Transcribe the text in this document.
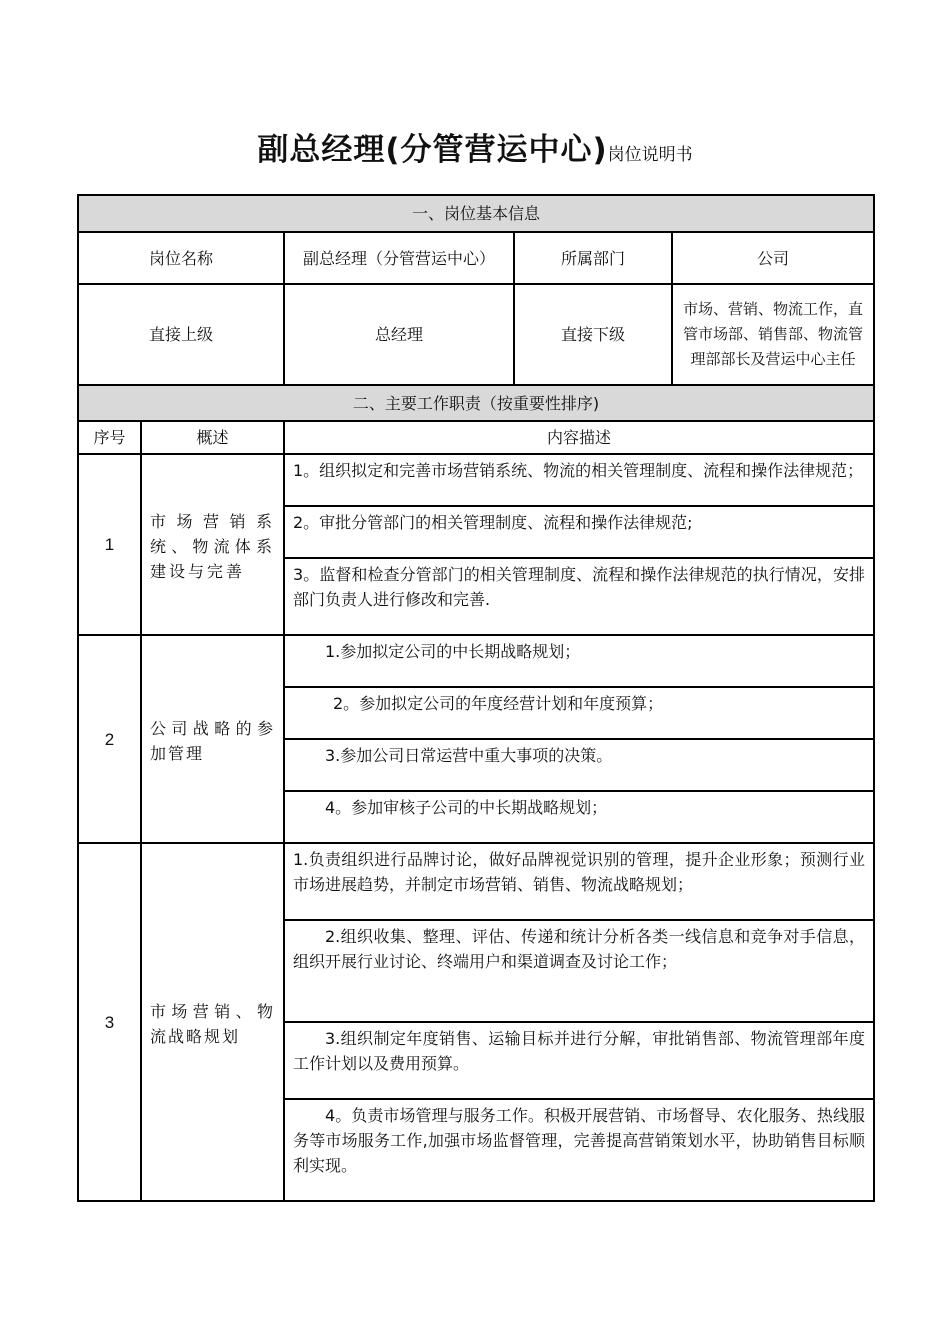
副总经理(分管营运中心)岗位说明书
一、岗位基本信息				
岗位名称		副总经理（分管营运中心）	所属部门	公司
直接上级		总经理	直接下级	市场、营销、物流工作，直管市场部、销售部、物流管理部部长及营运中心主任
二、主要工作职责（按重要性排序)				
序号	概述	内容描述		
1	市场营销系统、物流体系建设与完善	1。组织拟定和完善市场营销系统、物流的相关管理制度、流程和操作法律规范；		
		2。审批分管部门的相关管理制度、流程和操作法律规范;		
		3。监督和检查分管部门的相关管理制度、流程和操作法律规范的执行情况，安排部门负责人进行修改和完善.		
2	公司战略的参加管理	1.参加拟定公司的中长期战略规划；		
		2。参加拟定公司的年度经营计划和年度预算；		
		3.参加公司日常运营中重大事项的决策。		
		4。参加审核子公司的中长期战略规划；		
3	市场营销、物流战略规划	1.负责组织进行品牌讨论，做好品牌视觉识别的管理，提升企业形象；预测行业市场进展趋势，并制定市场营销、销售、物流战略规划；		
		2.组织收集、整理、评估、传递和统计分析各类一线信息和竞争对手信息，组织开展行业讨论、终端用户和渠道调查及讨论工作；		
		3.组织制定年度销售、运输目标并进行分解，审批销售部、物流管理部年度工作计划以及费用预算。		
		4。负责市场管理与服务工作。积极开展营销、市场督导、农化服务、热线服务等市场服务工作,加强市场监督管理，完善提高营销策划水平，协助销售目标顺利实现。		
